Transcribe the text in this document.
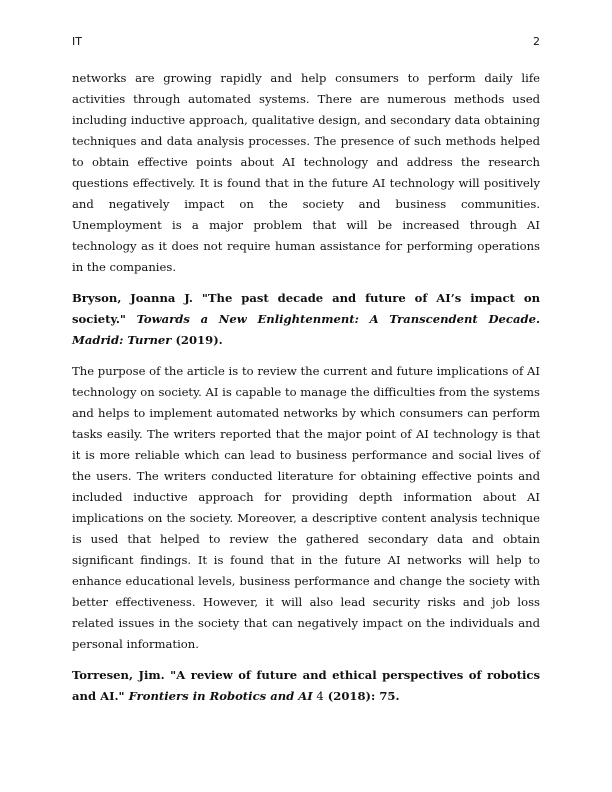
IT	2

networks are growing rapidly and help consumers to perform daily life activities through automated systems. There are numerous methods used including inductive approach, qualitative design, and secondary data obtaining techniques and data analysis processes. The presence of such methods helped to obtain effective points about AI technology and address the research questions effectively. It is found that in the future AI technology will positively and negatively impact on the society and business communities. Unemployment is a major problem that will be increased through AI technology as it does not require human assistance for performing operations in the companies.

Bryson, Joanna J. "The past decade and future of AI’s impact on society." Towards a New Enlightenment: A Transcendent Decade. Madrid: Turner (2019).

The purpose of the article is to review the current and future implications of AI technology on society. AI is capable to manage the difficulties from the systems and helps to implement automated networks by which consumers can perform tasks easily. The writers reported that the major point of AI technology is that it is more reliable which can lead to business performance and social lives of the users. The writers conducted literature for obtaining effective points and included inductive approach for providing depth information about AI implications on the society. Moreover, a descriptive content analysis technique is used that helped to review the gathered secondary data and obtain significant findings. It is found that in the future AI networks will help to enhance educational levels, business performance and change the society with better effectiveness. However, it will also lead security risks and job loss related issues in the society that can negatively impact on the individuals and personal information.

Torresen, Jim. "A review of future and ethical perspectives of robotics and AI." Frontiers in Robotics and AI 4 (2018): 75.
